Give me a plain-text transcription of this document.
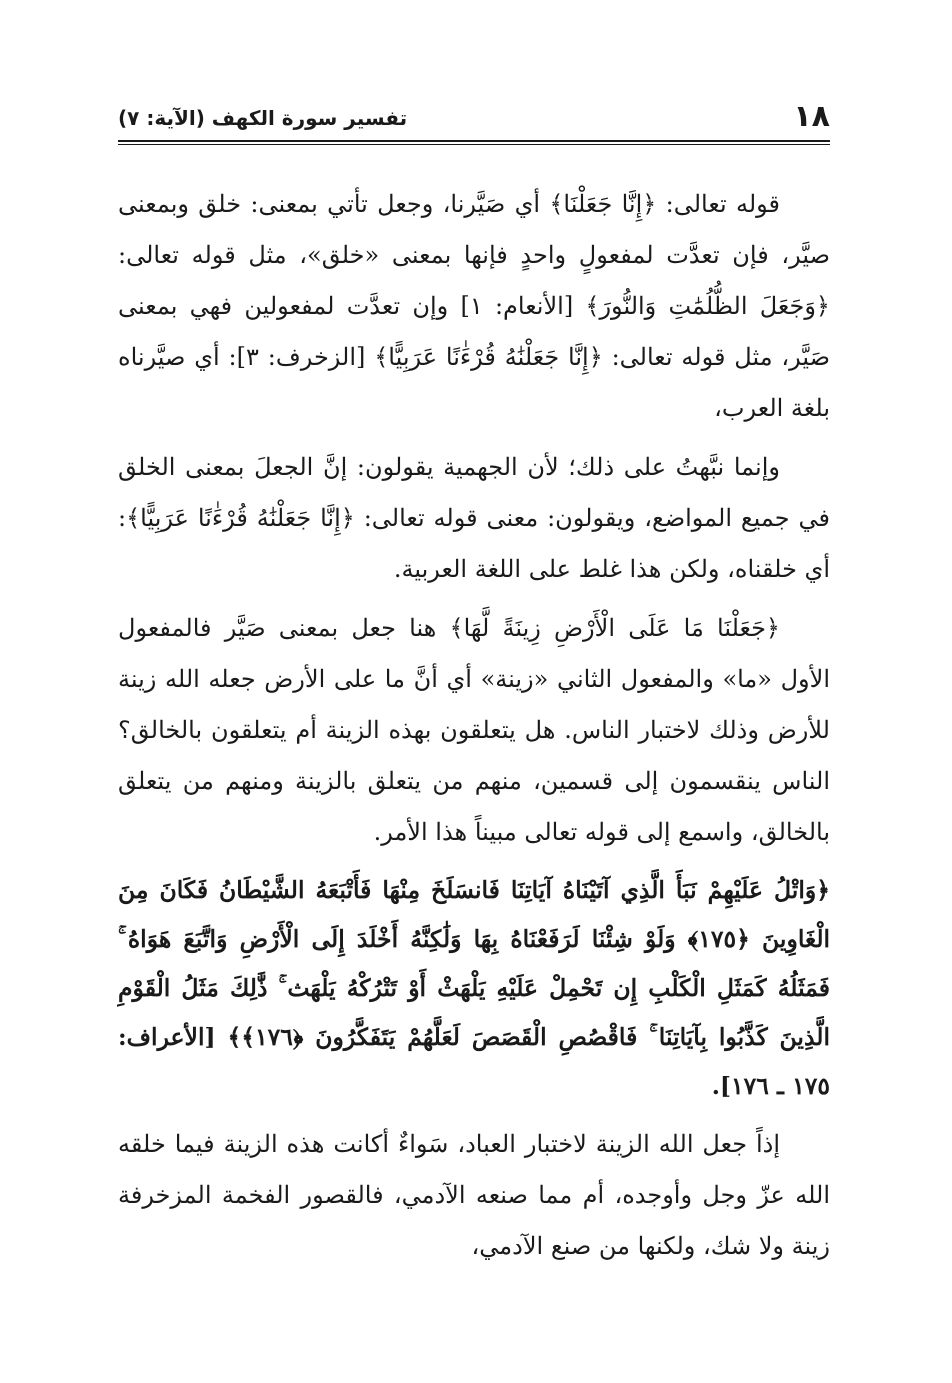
١٨
تفسير سورة الكهف (الآية: ٧)

قوله تعالى: ﴿إِنَّا جَعَلْنَا﴾ أي صَيَّرنا، وجعل تأتي بمعنى: خلق وبمعنى صيَّر، فإن تعدَّت لمفعولٍ واحدٍ فإنها بمعنى «خلق»، مثل قوله تعالى: ﴿وَجَعَلَ الظُّلُمَٰتِ وَالنُّورَ﴾ [الأنعام: ١] وإن تعدَّت لمفعولين فهي بمعنى صَيَّر، مثل قوله تعالى: ﴿إِنَّا جَعَلْنَٰهُ قُرْءَٰنًا عَرَبِيًّا﴾ [الزخرف: ٣]: أي صيَّرناه بلغة العرب،

وإنما نبَّهتُ على ذلك؛ لأن الجهمية يقولون: إنَّ الجعلَ بمعنى الخلق في جميع المواضع، ويقولون: معنى قوله تعالى: ﴿إِنَّا جَعَلْنَٰهُ قُرْءَٰنًا عَرَبِيًّا﴾: أي خلقناه، ولكن هذا غلط على اللغة العربية.

﴿جَعَلْنَا مَا عَلَى الْأَرْضِ زِينَةً لَّهَا﴾ هنا جعل بمعنى صَيَّر فالمفعول الأول «ما» والمفعول الثاني «زينة» أي أنَّ ما على الأرض جعله الله زينة للأرض وذلك لاختبار الناس. هل يتعلقون بهذه الزينة أم يتعلقون بالخالق؟ الناس ينقسمون إلى قسمين، منهم من يتعلق بالزينة ومنهم من يتعلق بالخالق، واسمع إلى قوله تعالى مبيناً هذا الأمر.

﴿وَاتْلُ عَلَيْهِمْ نَبَأَ الَّذِي آتَيْنَاهُ آيَاتِنَا فَانسَلَخَ مِنْهَا فَأَتْبَعَهُ الشَّيْطَانُ فَكَانَ مِنَ الْغَاوِينَ ﴿١٧٥﴾ وَلَوْ شِئْنَا لَرَفَعْنَاهُ بِهَا وَلَٰكِنَّهُ أَخْلَدَ إِلَى الْأَرْضِ وَاتَّبَعَ هَوَاهُ ۚ فَمَثَلُهُ كَمَثَلِ الْكَلْبِ إِن تَحْمِلْ عَلَيْهِ يَلْهَثْ أَوْ تَتْرُكْهُ يَلْهَث ۚ ذَّٰلِكَ مَثَلُ الْقَوْمِ الَّذِينَ كَذَّبُوا بِآيَاتِنَا ۚ فَاقْصُصِ الْقَصَصَ لَعَلَّهُمْ يَتَفَكَّرُونَ ﴿١٧٦﴾﴾ [الأعراف: ١٧٥ ـ ١٧٦].

إذاً جعل الله الزينة لاختبار العباد، سَواءٌ أكانت هذه الزينة فيما خلقه الله عزّ وجل وأوجده، أم مما صنعه الآدمي، فالقصور الفخمة المزخرفة زينة ولا شك، ولكنها من صنع الآدمي،
